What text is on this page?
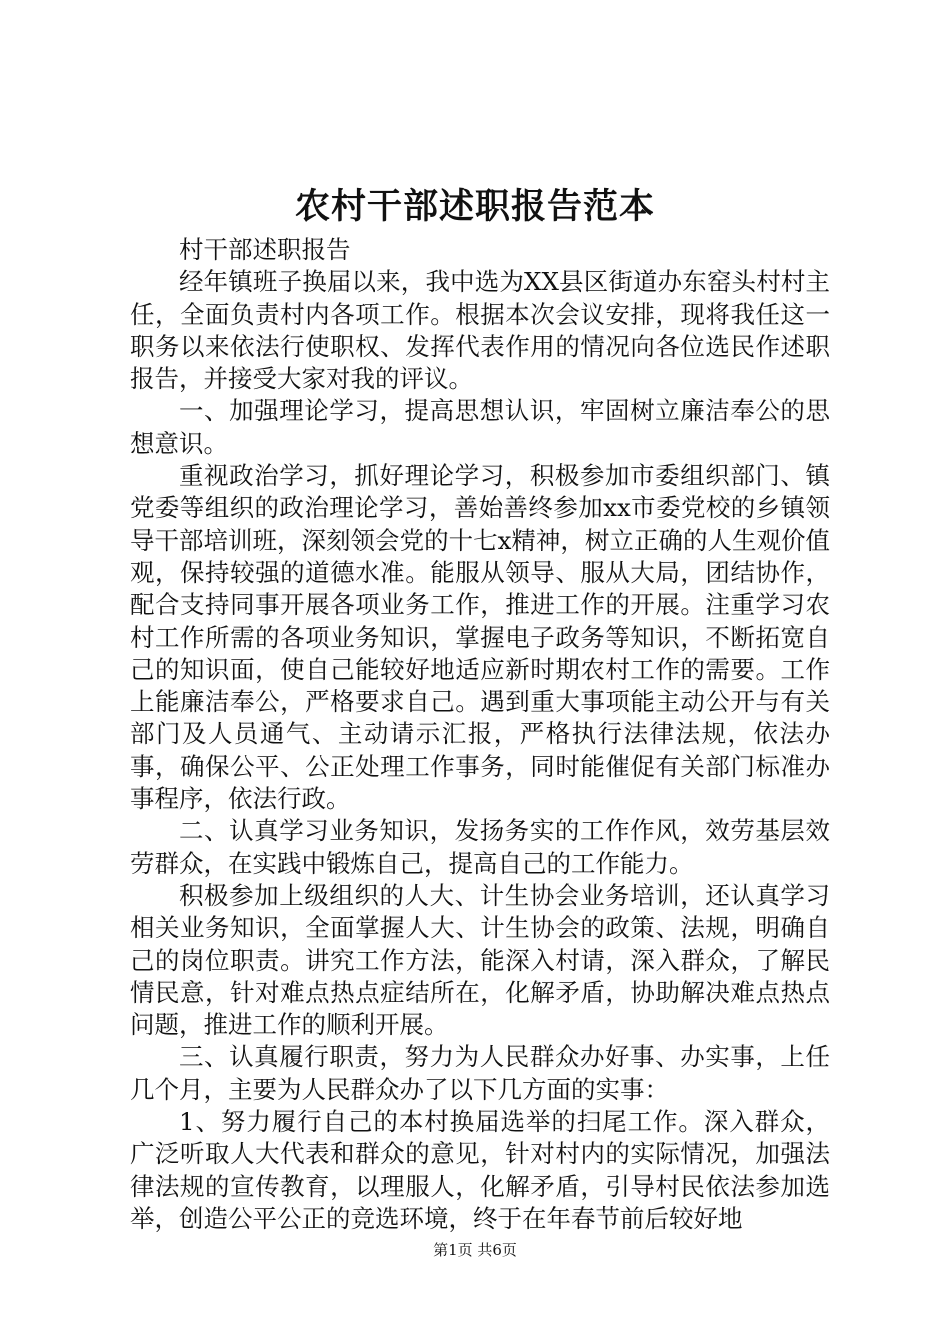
农村干部述职报告范本

村干部述职报告

经年镇班子换届以来，我中选为XX县区街道办东窑头村村主任，全面负责村内各项工作。根据本次会议安排，现将我任这一职务以来依法行使职权、发挥代表作用的情况向各位选民作述职报告，并接受大家对我的评议。

一、加强理论学习，提高思想认识，牢固树立廉洁奉公的思想意识。

重视政治学习，抓好理论学习，积极参加市委组织部门、镇党委等组织的政治理论学习，善始善终参加xx市委党校的乡镇领导干部培训班，深刻领会党的十七x精神，树立正确的人生观价值观，保持较强的道德水准。能服从领导、服从大局，团结协作，配合支持同事开展各项业务工作，推进工作的开展。注重学习农村工作所需的各项业务知识，掌握电子政务等知识，不断拓宽自己的知识面，使自己能较好地适应新时期农村工作的需要。工作上能廉洁奉公，严格要求自己。遇到重大事项能主动公开与有关部门及人员通气、主动请示汇报，严格执行法律法规，依法办事，确保公平、公正处理工作事务，同时能催促有关部门标准办事程序，依法行政。

二、认真学习业务知识，发扬务实的工作作风，效劳基层效劳群众，在实践中锻炼自己，提高自己的工作能力。

积极参加上级组织的人大、计生协会业务培训，还认真学习相关业务知识，全面掌握人大、计生协会的政策、法规，明确自己的岗位职责。讲究工作方法，能深入村请，深入群众，了解民情民意，针对难点热点症结所在，化解矛盾，协助解决难点热点问题，推进工作的顺利开展。

三、认真履行职责，努力为人民群众办好事、办实事，上任几个月，主要为人民群众办了以下几方面的实事：

1、努力履行自己的本村换届选举的扫尾工作。深入群众，广泛听取人大代表和群众的意见，针对村内的实际情况，加强法律法规的宣传教育，以理服人，化解矛盾，引导村民依法参加选举，创造公平公正的竞选环境，终于在年春节前后较好地

第1页 共6页
